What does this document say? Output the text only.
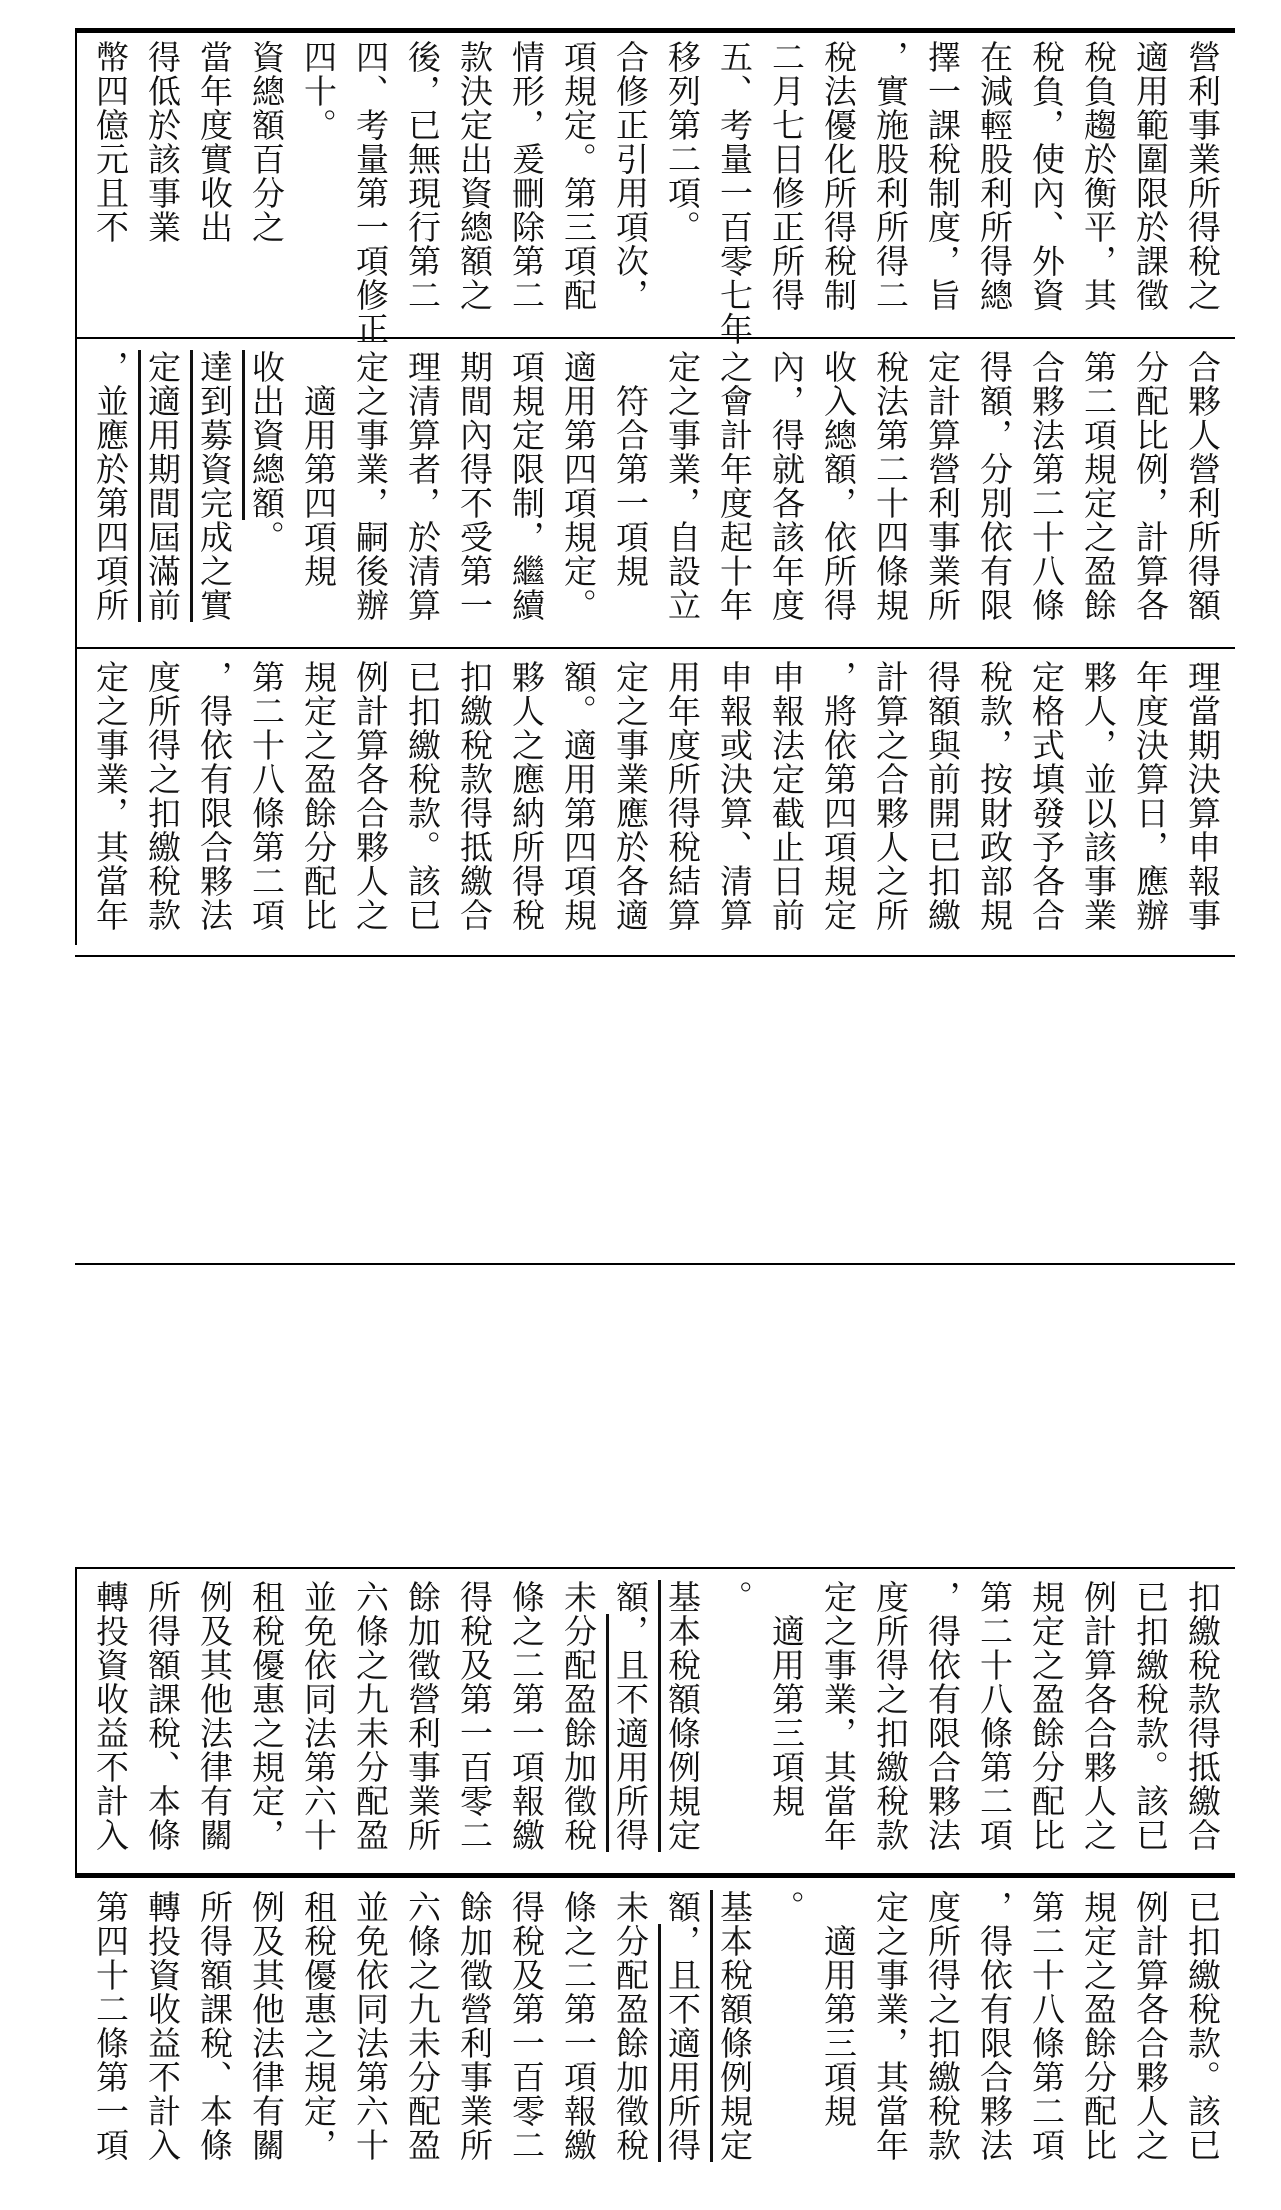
幣四億元且不 得低於該事業 當年度實收出 資總額百分之 四十。 四、考量第一項修正 後，已無現行第二 款決定出資總額之 情形，爰刪除第二 項規定。第三項配 合修正引用項次， 移列第二項。 五、考量一百零七年 二月七日修正所得 稅法優化所得稅制 ，實施股利所得二 擇一課稅制度，旨 在減輕股利所得總 稅負，使內、外資 稅負趨於衡平，其 適用範圍限於課徵 營利事業所得稅之
，並應於第四項所 定適用期間屆滿前 達到募資完成之實 收出資總額。 　適用第四項規 定之事業，嗣後辦 理清算者，於清算 期間內得不受第一 項規定限制，繼續 適用第四項規定。 　符合第一項規 定之事業，自設立 之會計年度起十年 內，得就各該年度 收入總額，依所得 稅法第二十四條規 定計算營利事業所 得額，分別依有限 合夥法第二十八條 第二項規定之盈餘 分配比例，計算各 合夥人營利所得額
定之事業，其當年 度所得之扣繳稅款 ，得依有限合夥法 第二十八條第二項 規定之盈餘分配比 例計算各合夥人之 已扣繳稅款。該已 扣繳稅款得抵繳合 夥人之應納所得稅 額。適用第四項規 定之事業應於各適 用年度所得稅結算 申報或決算、清算 申報法定截止日前 ，將依第四項規定 計算之合夥人之所 得額與前開已扣繳 稅款，按財政部規 定格式填發予各合 夥人，並以該事業 年度決算日，應辦 理當期決算申報事
轉投資收益不計入 所得額課稅、本條 例及其他法律有關 租稅優惠之規定， 並免依同法第六十 六條之九未分配盈 餘加徵營利事業所 得稅及第一百零二 條之二第一項報繳 未分配盈餘加徵稅 額，且不適用所得 基本稅額條例規定 。 　適用第三項規 定之事業，其當年 度所得之扣繳稅款 ，得依有限合夥法 第二十八條第二項 規定之盈餘分配比 例計算各合夥人之 已扣繳稅款。該已 扣繳稅款得抵繳合
第四十二條第一項 轉投資收益不計入 所得額課稅、本條 例及其他法律有關 租稅優惠之規定， 並免依同法第六十 六條之九未分配盈 餘加徵營利事業所 得稅及第一百零二 條之二第一項報繳 未分配盈餘加徵稅 額，且不適用所得 基本稅額條例規定 。 　適用第三項規 定之事業，其當年 度所得之扣繳稅款 ，得依有限合夥法 第二十八條第二項 規定之盈餘分配比 例計算各合夥人之 已扣繳稅款。該已
